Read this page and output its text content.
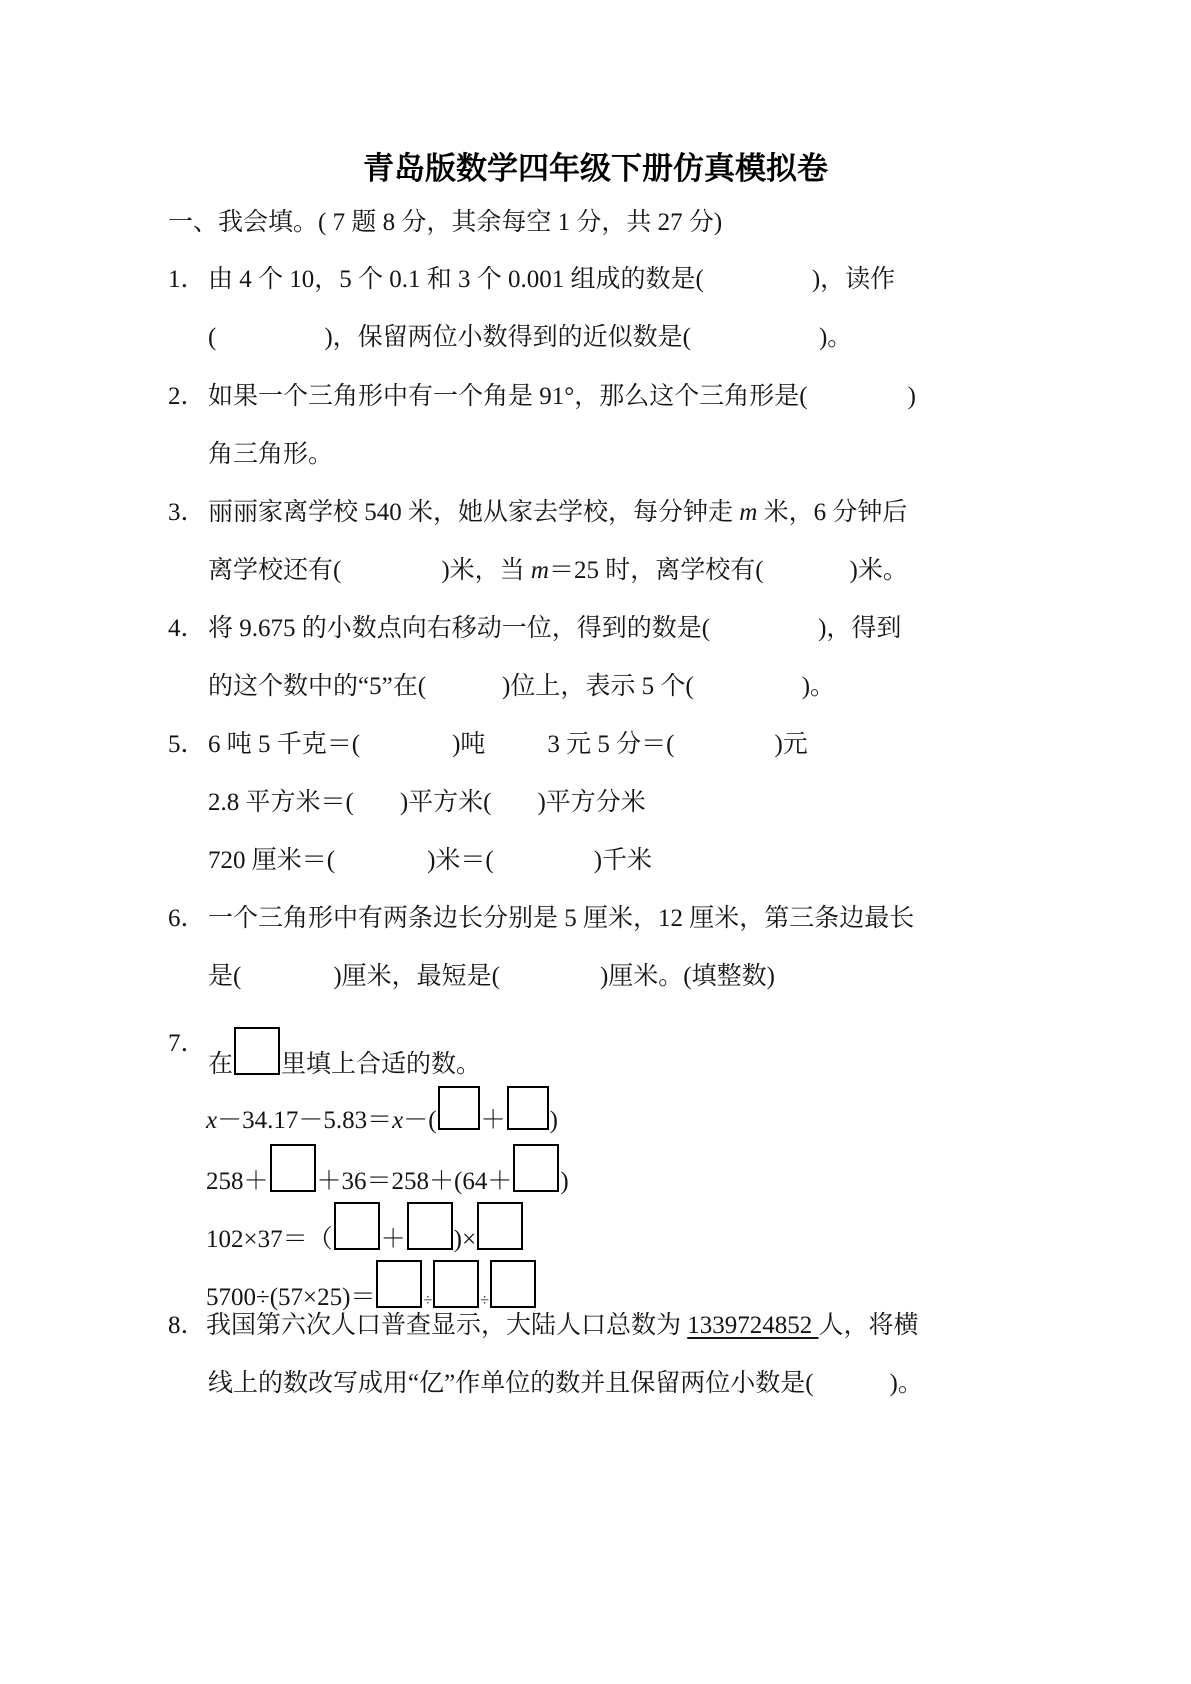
青岛版数学四年级下册仿真模拟卷
一、我会填。( 7 题 8 分，其余每空 1 分，共 27 分)
1． 由 4 个 10，5 个 0.1 和 3 个 0.001 组成的数是(	)，读作
(	)，保留两位小数得到的近似数是(	)。
2． 如果一个三角形中有一个角是 91°，那么这个三角形是(	)
角三角形。
3． 丽丽家离学校 540 米，她从家去学校，每分钟走 m 米，6 分钟后
离学校还有(	)米，当 m＝25 时，离学校有(	)米。
4． 将 9.675 的小数点向右移动一位，得到的数是(	)，得到
的这个数中的“5”在(	)位上，表示 5 个(	)。
5． 6 吨 5 千克＝(	)吨 3 元 5 分＝(	)元
2.8 平方米＝( )平方米( )平方分米
720 厘米＝(	)米＝(	)千米
6． 一个三角形中有两条边长分别是 5 厘米，12 厘米，第三条边最长
是(	)厘米，最短是(	)厘米。(填整数)
7．
在 里填上合适的数。
x－34.17－5.83＝x－( ＋ )
258＋ ＋36＝258＋(64＋ )
102×37＝（ ＋ )×
5700÷(57×25)＝	÷	÷
8． 我国第六次人口普查显示，大陆人口总数为 1339724852 人，将横
线上的数改写成用“亿”作单位的数并且保留两位小数是(	)。
